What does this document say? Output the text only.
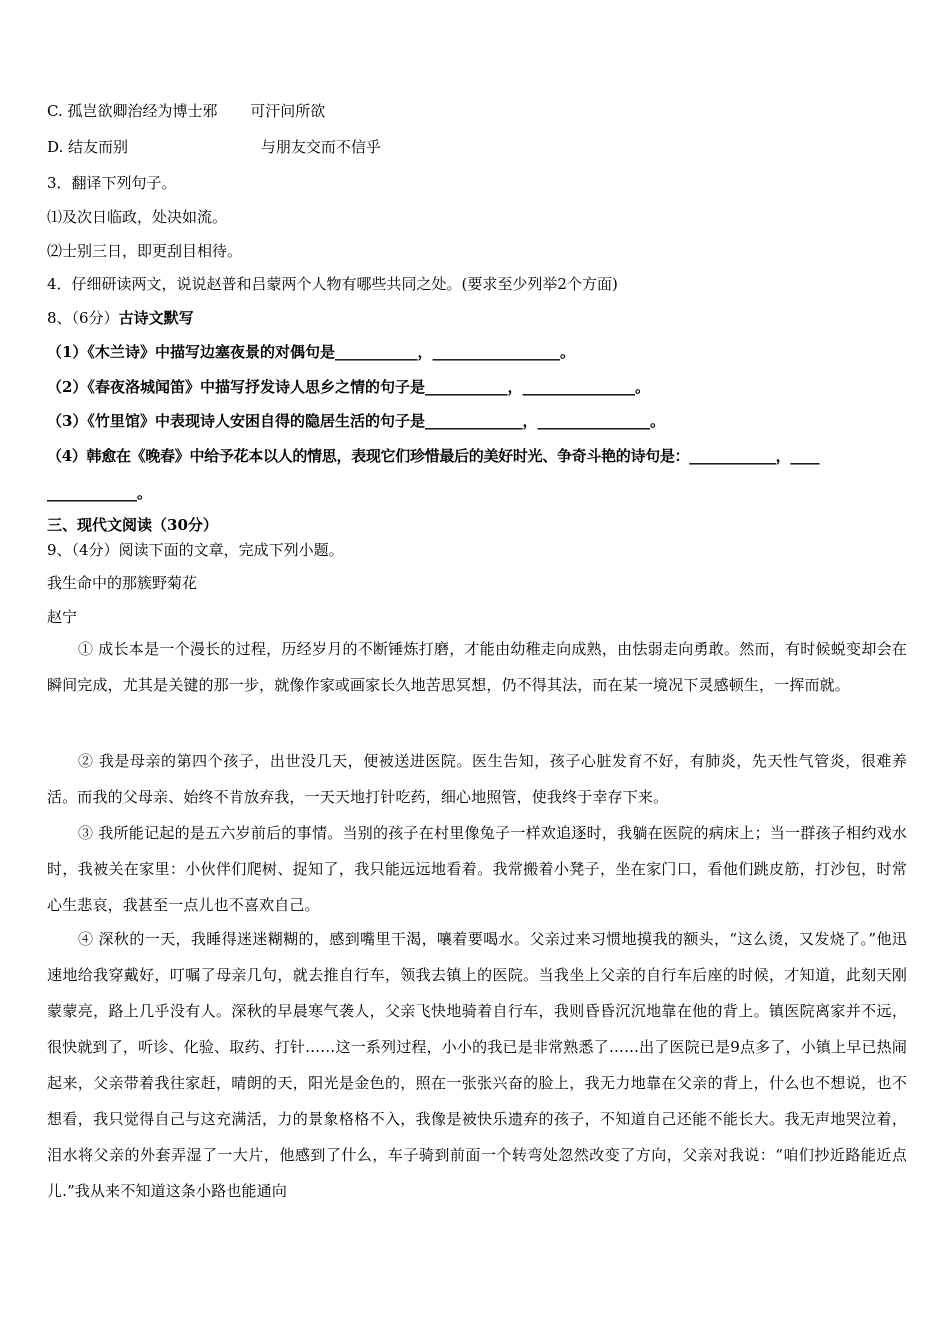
C. 孤岂欲卿治经为博士邪 可汗问所欲
D. 结友而别	与朋友交而不信乎
3．翻译下列句子。
⑴及次日临政，处决如流。
⑵士别三日，即更刮目相待。
4．仔细研读两文，说说赵普和吕蒙两个人物有哪些共同之处。(要求至少列举2个方面)
8、（6分）古诗文默写
（1）《木兰诗》中描写边塞夜景的对偶句是___________，_________________。
（2）《春夜洛城闻笛》中描写抒发诗人思乡之情的句子是___________，_______________。
（3）《竹里馆》中表现诗人安困自得的隐居生活的句子是_____________，_______________。
（4）韩愈在《晚春》中给予花本以人的情思，表现它们珍惜最后的美好时光、争奇斗艳的诗句是：____________，____
____________。
三、现代文阅读（30分）
9、（4分）阅读下面的文章，完成下列小题。
我生命中的那簇野菊花
赵宁
① 成长本是一个漫长的过程，历经岁月的不断锤炼打磨，才能由幼稚走向成熟，由怯弱走向勇敢。然而，有时候蜕变却会在瞬间完成，尤其是关键的那一步，就像作家或画家长久地苦思冥想，仍不得其法，而在某一境况下灵感顿生，一挥而就。
② 我是母亲的第四个孩子，出世没几天，便被送进医院。医生告知，孩子心脏发育不好，有肺炎，先天性气管炎，很难养活。而我的父母亲、始终不肯放弃我，一天天地打针吃药，细心地照管，使我终于幸存下来。
③ 我所能记起的是五六岁前后的事情。当别的孩子在村里像兔子一样欢追逐时，我躺在医院的病床上；当一群孩子相约戏水时，我被关在家里：小伙伴们爬树、捉知了，我只能远远地看着。我常搬着小凳子，坐在家门口，看他们跳皮筋，打沙包，时常心生悲哀，我甚至一点儿也不喜欢自己。
④ 深秋的一天，我睡得迷迷糊糊的，感到嘴里干渴，嚷着要喝水。父亲过来习惯地摸我的额头，“这么烫，又发烧了。”他迅速地给我穿戴好，叮嘱了母亲几句，就去推自行车，领我去镇上的医院。当我坐上父亲的自行车后座的时候，才知道，此刻天刚蒙蒙亮，路上几乎没有人。深秋的早晨寒气袭人，父亲飞快地骑着自行车，我则昏昏沉沉地靠在他的背上。镇医院离家并不远，很快就到了，听诊、化验、取药、打针……这一系列过程，小小的我已是非常熟悉了……出了医院已是9点多了，小镇上早已热闹起来，父亲带着我往家赶，晴朗的天，阳光是金色的，照在一张张兴奋的脸上，我无力地靠在父亲的背上，什么也不想说，也不想看，我只觉得自己与这充满活，力的景象格格不入，我像是被快乐遗弃的孩子，不知道自己还能不能长大。我无声地哭泣着，泪水将父亲的外套弄湿了一大片，他感到了什么，车子骑到前面一个转弯处忽然改变了方向，父亲对我说：“咱们抄近路能近点儿.”我从来不知道这条小路也能通向
